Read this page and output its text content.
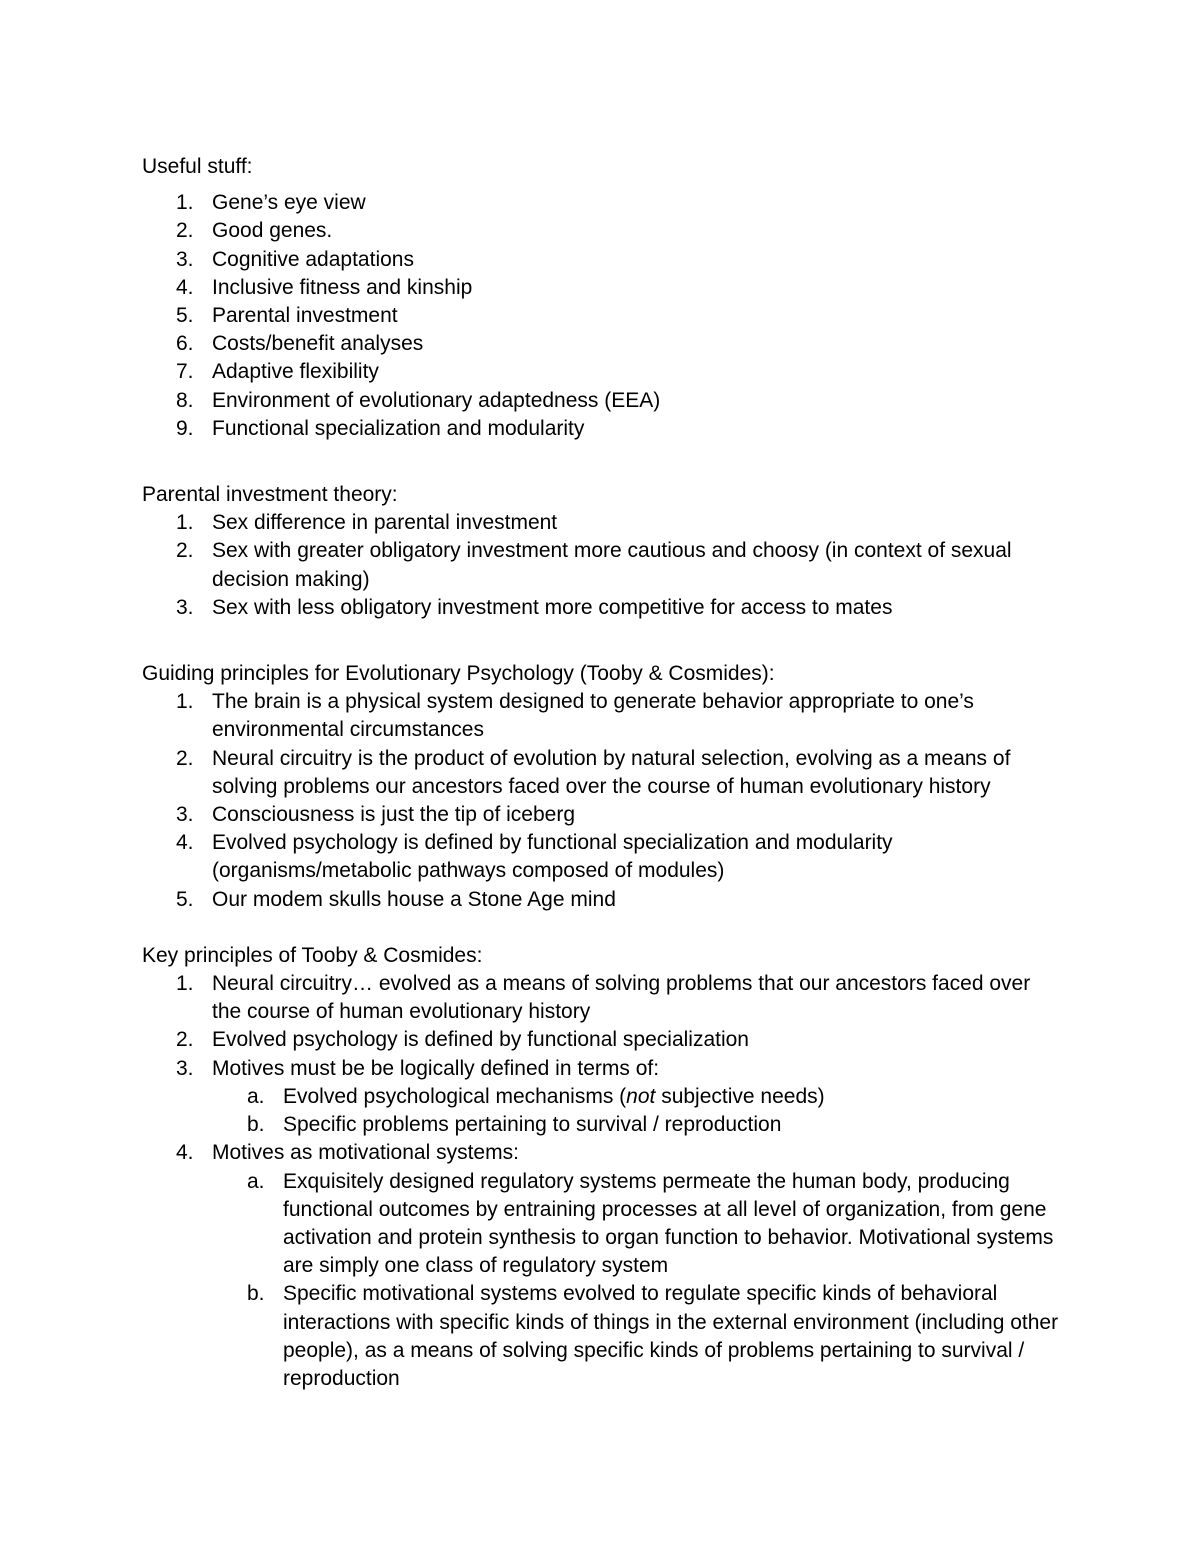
Useful stuff:

1. Gene’s eye view
2. Good genes.
3. Cognitive adaptations
4. Inclusive fitness and kinship
5. Parental investment
6. Costs/benefit analyses
7. Adaptive flexibility
8. Environment of evolutionary adaptedness (EEA)
9. Functional specialization and modularity

Parental investment theory:

1. Sex difference in parental investment
2. Sex with greater obligatory investment more cautious and choosy (in context of sexual decision making)
3. Sex with less obligatory investment more competitive for access to mates

Guiding principles for Evolutionary Psychology (Tooby & Cosmides):

1. The brain is a physical system designed to generate behavior appropriate to one’s environmental circumstances
2. Neural circuitry is the product of evolution by natural selection, evolving as a means of solving problems our ancestors faced over the course of human evolutionary history
3. Consciousness is just the tip of iceberg
4. Evolved psychology is defined by functional specialization and modularity (organisms/metabolic pathways composed of modules)
5. Our modem skulls house a Stone Age mind

Key principles of Tooby & Cosmides:

1. Neural circuitry… evolved as a means of solving problems that our ancestors faced over the course of human evolutionary history
2. Evolved psychology is defined by functional specialization
3. Motives must be be logically defined in terms of:
a. Evolved psychological mechanisms (not subjective needs)
b. Specific problems pertaining to survival / reproduction
4. Motives as motivational systems:
a. Exquisitely designed regulatory systems permeate the human body, producing functional outcomes by entraining processes at all level of organization, from gene activation and protein synthesis to organ function to behavior. Motivational systems are simply one class of regulatory system
b. Specific motivational systems evolved to regulate specific kinds of behavioral interactions with specific kinds of things in the external environment (including other people), as a means of solving specific kinds of problems pertaining to survival / reproduction
